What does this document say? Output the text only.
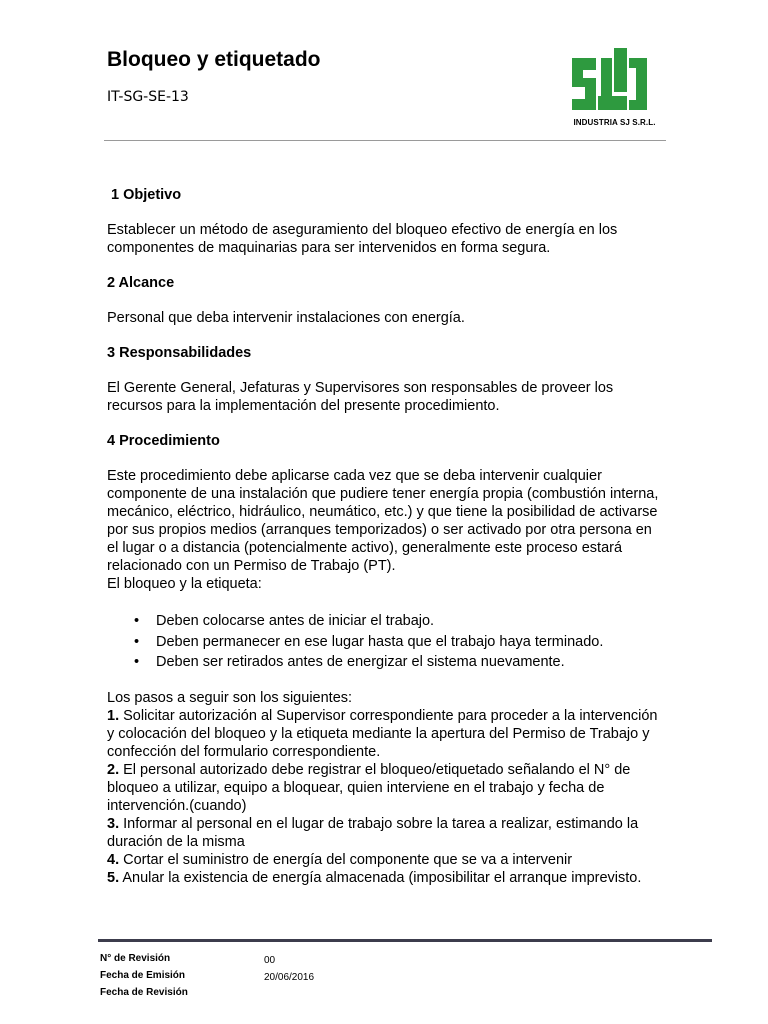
Bloqueo y etiquetado
IT-SG-SE-13
INDUSTRIA SJ S.R.L.
1 Objetivo

Establecer un método de aseguramiento del bloqueo efectivo de energía en los componentes de maquinarias para ser intervenidos en forma segura.

2 Alcance

Personal que deba intervenir instalaciones con energía.

3 Responsabilidades

El Gerente General, Jefaturas y Supervisores son responsables de proveer los recursos para la implementación del presente procedimiento.

4 Procedimiento

Este procedimiento debe aplicarse cada vez que se deba intervenir cualquier componente de una instalación que pudiere tener energía propia (combustión interna, mecánico, eléctrico, hidráulico, neumático, etc.) y que tiene la posibilidad de activarse por sus propios medios (arranques temporizados) o ser activado por otra persona en el lugar o a distancia (potencialmente activo), generalmente este proceso estará relacionado con un Permiso de Trabajo (PT).

El bloqueo y la etiqueta:

• Deben colocarse antes de iniciar el trabajo.
• Deben permanecer en ese lugar hasta que el trabajo haya terminado.
• Deben ser retirados antes de energizar el sistema nuevamente.

Los pasos a seguir son los siguientes:

1. Solicitar autorización al Supervisor correspondiente para proceder a la intervención y colocación del bloqueo y la etiqueta mediante la apertura del Permiso de Trabajo y confección del formulario correspondiente.

2. El personal autorizado debe registrar el bloqueo/etiquetado señalando el N° de bloqueo a utilizar, equipo a bloquear, quien interviene en el trabajo y fecha de intervención.(cuando)

3. Informar al personal en el lugar de trabajo sobre la tarea a realizar, estimando la duración de la misma

4. Cortar el suministro de energía del componente que se va a intervenir

5. Anular la existencia de energía almacenada (imposibilitar el arranque imprevisto.

N° de Revisión	00
Fecha de Emisión	20/06/2016
Fecha de Revisión
